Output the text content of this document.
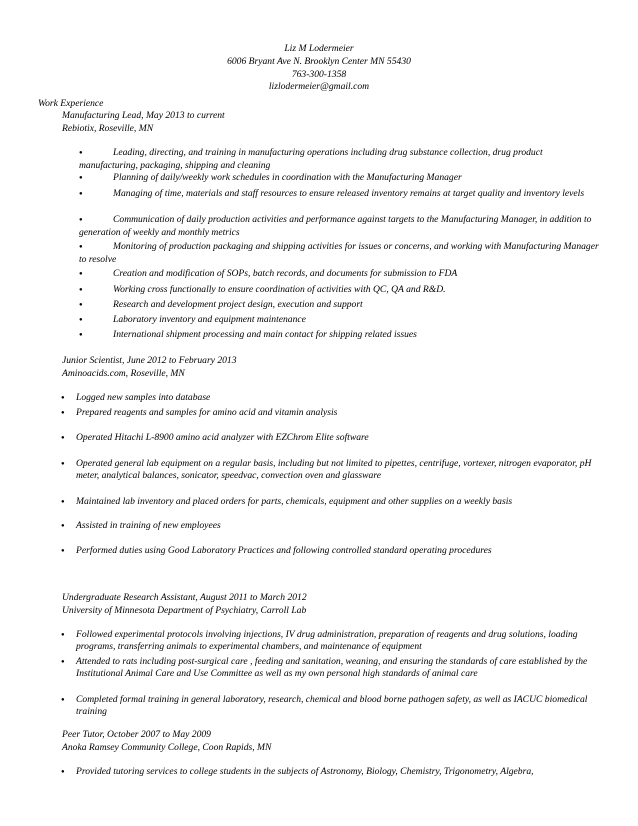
Liz M Lodermeier
6006 Bryant Ave N. Brooklyn Center MN 55430
763-300-1358
lizlodermeier@gmail.com
Work Experience
Manufacturing Lead, May 2013 to current
Rebiotix, Roseville, MN
●Leading, directing, and training in manufacturing operations including drug substance collection, drug product manufacturing, packaging, shipping and cleaning
●Planning of daily/weekly work schedules in coordination with the Manufacturing Manager
●Managing of time, materials and staff resources to ensure released inventory remains at target quality and inventory levels
●Communication of daily production activities and performance against targets to the Manufacturing Manager, in addition to generation of weekly and monthly metrics
●Monitoring of production packaging and shipping activities for issues or concerns, and working with Manufacturing Manager to resolve
●Creation and modification of SOPs, batch records, and documents for submission to FDA
●Working cross functionally to ensure coordination of activities with QC, QA and R&D.
●Research and development project design, execution and support
●Laboratory inventory and equipment maintenance
●International shipment processing and main contact for shipping related issues
Junior Scientist, June 2012 to February 2013
Aminoacids.com, Roseville, MN
●
Logged new samples into database
●
Prepared reagents and samples for amino acid and vitamin analysis
●
Operated Hitachi L-8900 amino acid analyzer with EZChrom Elite software
●
Operated general lab equipment on a regular basis, including but not limited to pipettes, centrifuge, vortexer, nitrogen evaporator, pH meter, analytical balances, sonicator, speedvac, convection oven and glassware
●
Maintained lab inventory and placed orders for parts, chemicals, equipment and other supplies on a weekly basis
●
Assisted in training of new employees
●
Performed duties using Good Laboratory Practices and following controlled standard operating procedures
Undergraduate Research Assistant, August 2011 to March 2012
University of Minnesota Department of Psychiatry, Carroll Lab
●
Followed experimental protocols involving injections, IV drug administration, preparation of reagents and drug solutions, loading programs, transferring animals to experimental chambers, and maintenance of equipment
●
Attended to rats including post-surgical care , feeding and sanitation, weaning, and ensuring the standards of care established by the Institutional Animal Care and Use Committee as well as my own personal high standards of animal care
●
Completed formal training in general laboratory, research, chemical and blood borne pathogen safety, as well as IACUC biomedical training
Peer Tutor, October 2007 to May 2009
Anoka Ramsey Community College, Coon Rapids, MN
●
Provided tutoring services to college students in the subjects of Astronomy, Biology, Chemistry, Trigonometry, Algebra,
